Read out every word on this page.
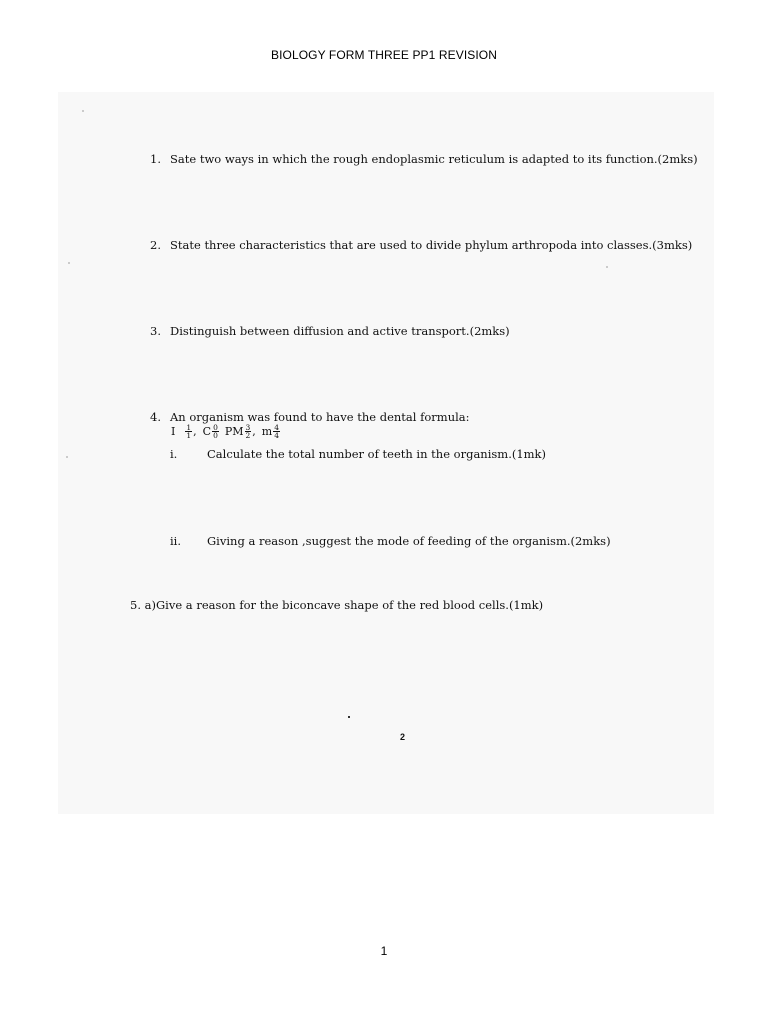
BIOLOGY FORM THREE PP1 REVISION
1. Sate two ways in which the rough endoplasmic reticulum is adapted to its function.(2mks)
2. State three characteristics that are used to divide phylum arthropoda into classes.(3mks)
3. Distinguish between diffusion and active transport.(2mks)
4. An organism was found to have the dental formula:
I $\frac{1}{1}$ , C $\frac{0}{0}$ PM $\frac{3}{2}$ , m $\frac{4}{4}$
i.	Calculate the total number of teeth in the organism.(1mk)
ii. Giving a reason ,suggest the mode of feeding of the organism.(2mks)
5. a)Give a reason for the biconcave shape of the red blood cells.(1mk)
2
1
